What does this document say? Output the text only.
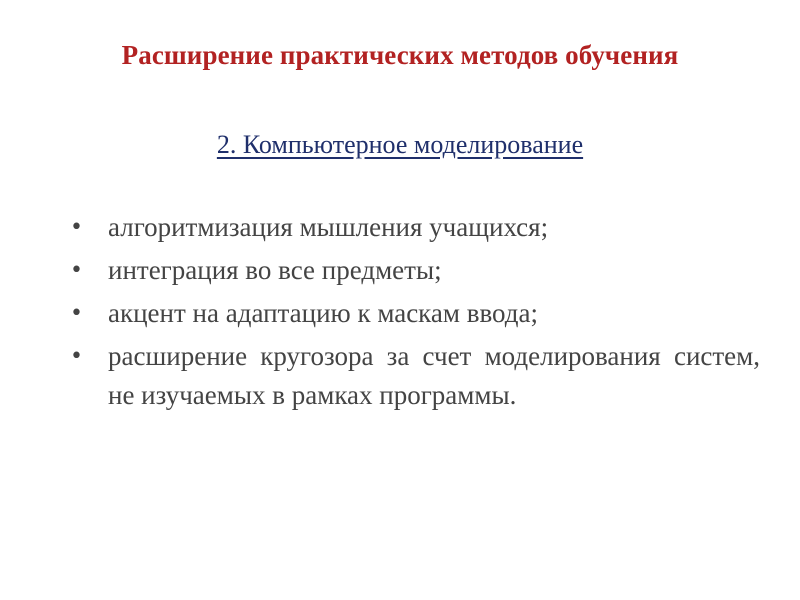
Расширение практических методов обучения
2. Компьютерное моделирование
• алгоритмизация мышления учащихся;
• интеграция во все предметы;
• акцент на адаптацию к маскам ввода;
• расширение кругозора за счет моделирования систем, не изучаемых в рамках программы.
